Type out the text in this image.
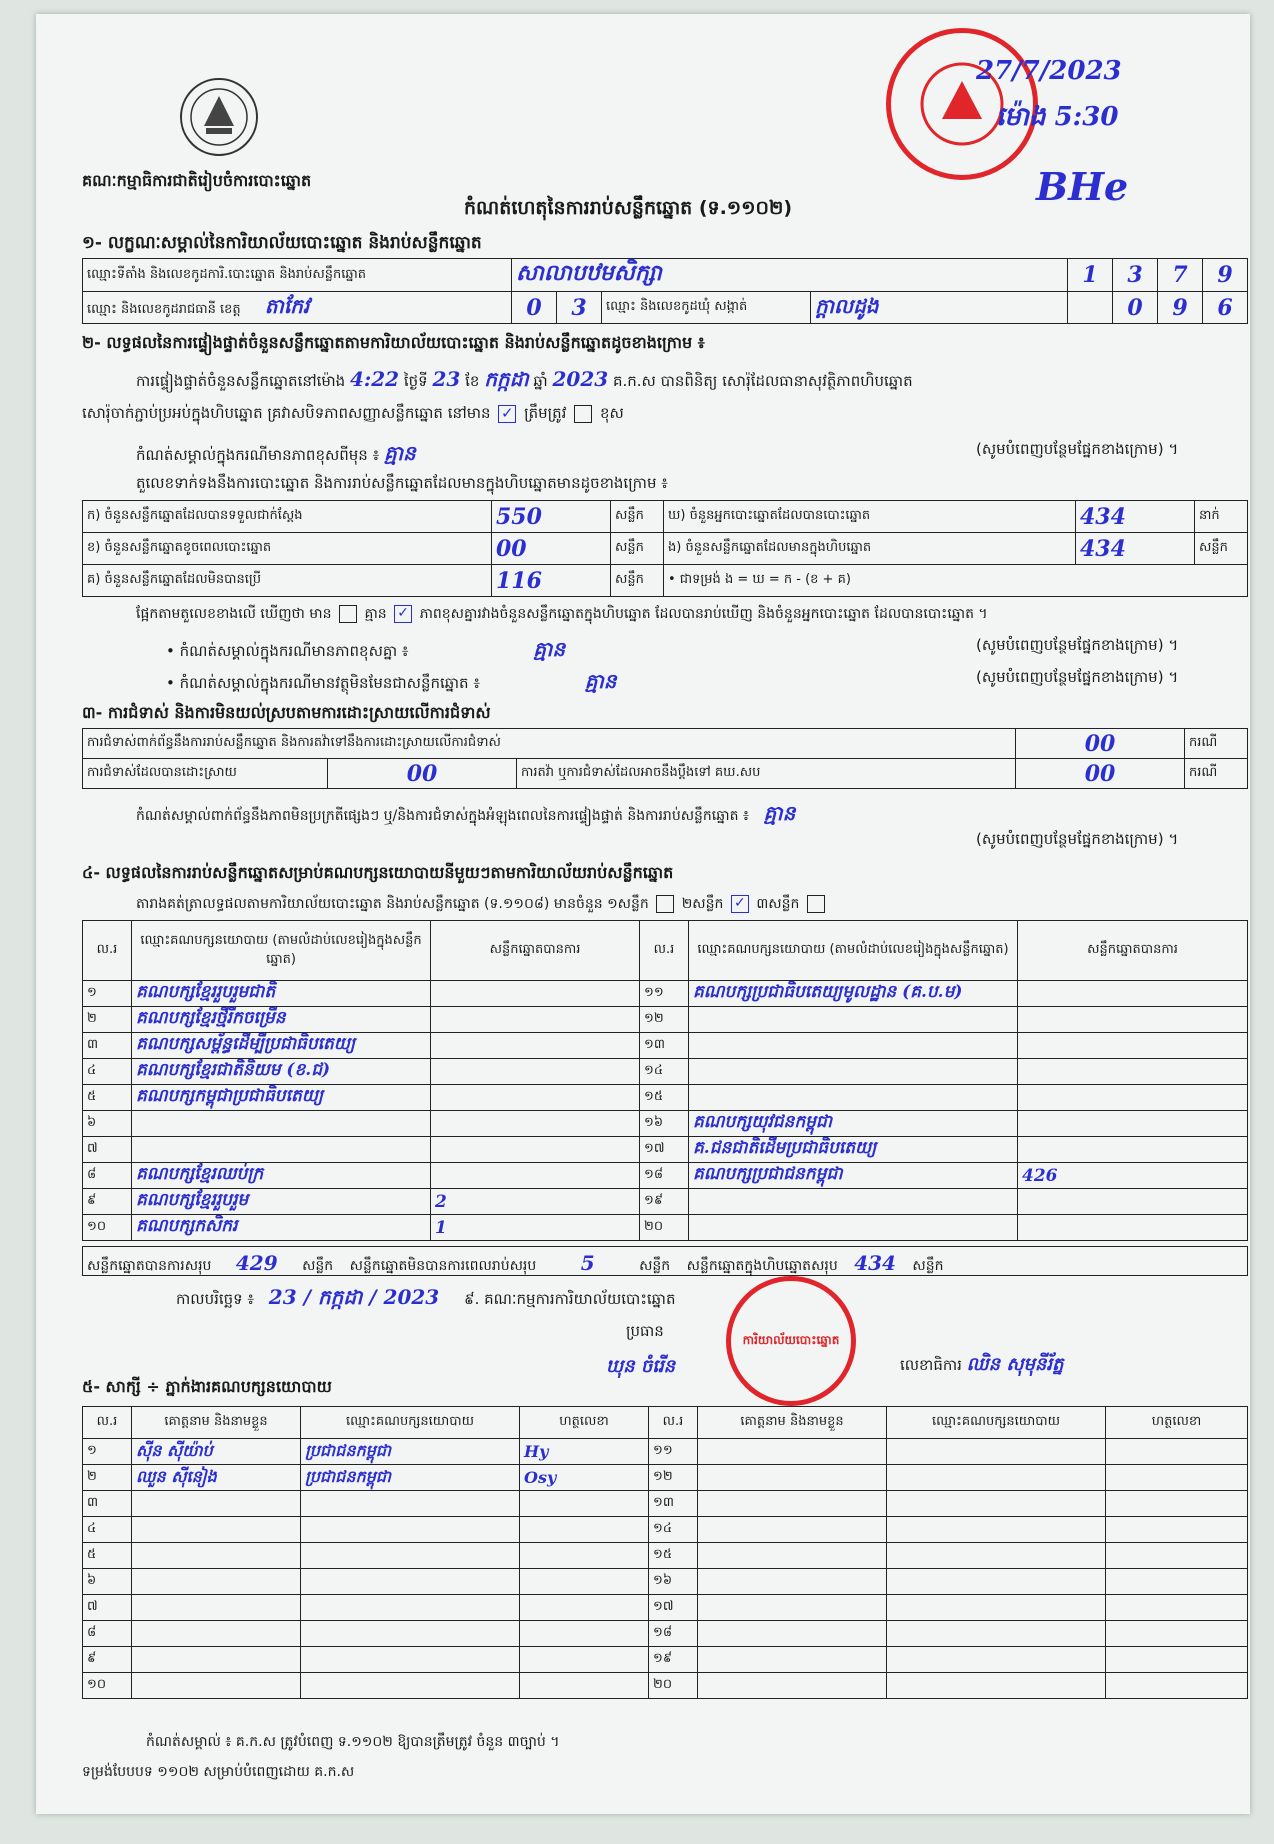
គណៈកម្មាធិការជាតិរៀបចំការបោះឆ្នោត
កំណត់ហេតុនៃការរាប់សន្លឹកឆ្នោត (ទ.១១០២)
27/7/2023
ម៉ោង 5:30
BHe
១- លក្ខណៈសម្គាល់នៃការិយាល័យបោះឆ្នោត និងរាប់សន្លឹកឆ្នោត
ឈ្មោះទីតាំង និងលេខកូដការិ.បោះឆ្នោត និងរាប់សន្លឹកឆ្នោត	សាលាបឋមសិក្សា				1	3	7	9
ឈ្មោះ និងលេខកូដរាជធានី ខេត្ត តាកែវ	0	3	ឈ្មោះ និងលេខកូដឃុំ សង្កាត់	ក្ដាលដូង		0	9	6
២- លទ្ធផលនៃការផ្ទៀងផ្ទាត់ចំនួនសន្លឹកឆ្នោតតាមការិយាល័យបោះឆ្នោត និងរាប់សន្លឹកឆ្នោតដូចខាងក្រោម ៖
ការផ្ទៀងផ្ទាត់ចំនួនសន្លឹកឆ្នោតនៅម៉ោង 4:22 ថ្ងៃទី 23 ខែ កក្កដា ឆ្នាំ 2023 គ.ក.ស បានពិនិត្យ សោរ៉ុដែលធានាសុវត្ថិភាពហិបឆ្នោត
សោរ៉ុចាក់ភ្ជាប់ប្រអប់ក្នុងហិបឆ្នោត គ្រវាសបិទភាពសញ្ញាសន្លឹកឆ្នោត នៅមាន ✓ ត្រឹមត្រូវ ខុស
កំណត់សម្គាល់ក្នុងករណីមានភាពខុសពីមុន ៖ គ្មាន	(សូមបំពេញបន្ថែមផ្នែកខាងក្រោម) ។
តួលេខទាក់ទងនឹងការបោះឆ្នោត និងការរាប់សន្លឹកឆ្នោតដែលមានក្នុងហិបឆ្នោតមានដូចខាងក្រោម ៖
ក) ចំនួនសន្លឹកឆ្នោតដែលបានទទួលជាក់ស្ដែង	550	សន្លឹក	ឃ) ចំនួនអ្នកបោះឆ្នោតដែលបានបោះឆ្នោត	434	នាក់
ខ) ចំនួនសន្លឹកឆ្នោតខូចពេលបោះឆ្នោត	00	សន្លឹក	ង) ចំនួនសន្លឹកឆ្នោតដែលមានក្នុងហិបឆ្នោត	434	សន្លឹក
គ) ចំនួនសន្លឹកឆ្នោតដែលមិនបានប្រើ	116	សន្លឹក	• ជាទម្រង់ ង = ឃ = ក - (ខ + គ)		
ផ្អែកតាមតួលេខខាងលើ ឃើញថា មាន គ្មាន ✓ ភាពខុសគ្នារវាងចំនួនសន្លឹកឆ្នោតក្នុងហិបឆ្នោត ដែលបានរាប់ឃើញ និងចំនួនអ្នកបោះឆ្នោត ដែលបានបោះឆ្នោត ។
• កំណត់សម្គាល់ក្នុងករណីមានភាពខុសគ្នា ៖	គ្មាន	(សូមបំពេញបន្ថែមផ្នែកខាងក្រោម) ។
• កំណត់សម្គាល់ក្នុងករណីមានវត្ថុមិនមែនជាសន្លឹកឆ្នោត ៖	គ្មាន	(សូមបំពេញបន្ថែមផ្នែកខាងក្រោម) ។
៣- ការជំទាស់ និងការមិនយល់ស្របតាមការដោះស្រាយលើការជំទាស់
ការជំទាស់ពាក់ព័ន្ធនឹងការរាប់សន្លឹកឆ្នោត និងការតវ៉ាទៅនឹងការដោះស្រាយលើការជំទាស់			00	ករណី
ការជំទាស់ដែលបានដោះស្រាយ	00	ការតវ៉ា ឬការជំទាស់ដែលអាចនឹងប្ដឹងទៅ គឃ.សប	00	ករណី
កំណត់សម្គាល់ពាក់ព័ន្ធនឹងភាពមិនប្រក្រតីផ្សេងៗ ឬ/និងការជំទាស់ក្នុងអំឡុងពេលនៃការផ្ទៀងផ្ទាត់ និងការរាប់សន្លឹកឆ្នោត ៖ គ្មាន
(សូមបំពេញបន្ថែមផ្នែកខាងក្រោម) ។
៤- លទ្ធផលនៃការរាប់សន្លឹកឆ្នោតសម្រាប់គណបក្សនយោបាយនីមួយៗតាមការិយាល័យរាប់សន្លឹកឆ្នោត
តារាងគត់ត្រាលទ្ធផលតាមការិយាល័យបោះឆ្នោត និងរាប់សន្លឹកឆ្នោត (ទ.១១០៨) មានចំនួន ១សន្លឹក ២សន្លឹក ✓ ៣សន្លឹក
ល.រ	ឈ្មោះគណបក្សនយោបាយ (តាមលំដាប់លេខរៀងក្នុងសន្លឹកឆ្នោត)	សន្លឹកឆ្នោតបានការ	ល.រ	ឈ្មោះគណបក្សនយោបាយ (តាមលំដាប់លេខរៀងក្នុងសន្លឹកឆ្នោត)	សន្លឹកឆ្នោតបានការ
១	គណបក្សខ្មែររួបរួមជាតិ		១១	គណបក្សប្រជាធិបតេយ្យមូលដ្ឋាន (គ.ប.ម)	
២	គណបក្សខ្មែរថ្មីរីកចម្រើន		១២		
៣	គណបក្សសម្ព័ន្ធដើម្បីប្រជាធិបតេយ្យ		១៣		
៤	គណបក្សខ្មែរជាតិនិយម (ខ.ជ)		១៤		
៥	គណបក្សកម្ពុជាប្រជាធិបតេយ្យ		១៥		
៦			១៦	គណបក្សយុវជនកម្ពុជា	
៧			១៧	គ.ជនជាតិដើមប្រជាធិបតេយ្យ	
៨	គណបក្សខ្មែរឈប់ក្រ		១៨	គណបក្សប្រជាជនកម្ពុជា	426
៩	គណបក្សខ្មែររួបរួម	2	១៩		
១០	គណបក្សកសិករ	1	២០		
សន្លឹកឆ្នោតបានការសរុប 429 សន្លឹក សន្លឹកឆ្នោតមិនបានការពេលរាប់សរុប 5	សន្លឹក សន្លឹកឆ្នោតក្នុងហិបឆ្នោតសរុប 434 សន្លឹក
កាលបរិច្ឆេទ ៖ 23 / កក្កដា / 2023 ៩. គណៈកម្មការការិយាល័យបោះឆ្នោត
ប្រធាន
ឃុន ចំរើន
ការិយាល័យបោះឆ្នោត
លេខាធិការ ឈិន សុមុនីរ័ត្ន
៥- សាក្សី ÷ ភ្នាក់ងារគណបក្សនយោបាយ
ល.រ	គោត្តនាម និងនាមខ្លួន	ឈ្មោះគណបក្សនយោបាយ	ហត្ថលេខា	ល.រ	គោត្តនាម និងនាមខ្លួន	ឈ្មោះគណបក្សនយោបាយ	ហត្ថលេខា
១	ស៊ីន ស៊ីយ៉ាប់	ប្រជាជនកម្ពុជា	Hy	១១			
២	ឈួន ស៊ីនៀង	ប្រជាជនកម្ពុជា	Osy	១២			
៣				១៣			
៤				១៤			
៥				១៥			
៦				១៦			
៧				១៧			
៨				១៨			
៩				១៩			
១០				២០			
កំណត់សម្គាល់ ៖ គ.ក.ស ត្រូវបំពេញ ទ.១១០២ ឱ្យបានត្រឹមត្រូវ ចំនួន ៣ច្បាប់ ។
ទម្រង់បែបបទ ១១០២ សម្រាប់បំពេញដោយ គ.ក.ស
